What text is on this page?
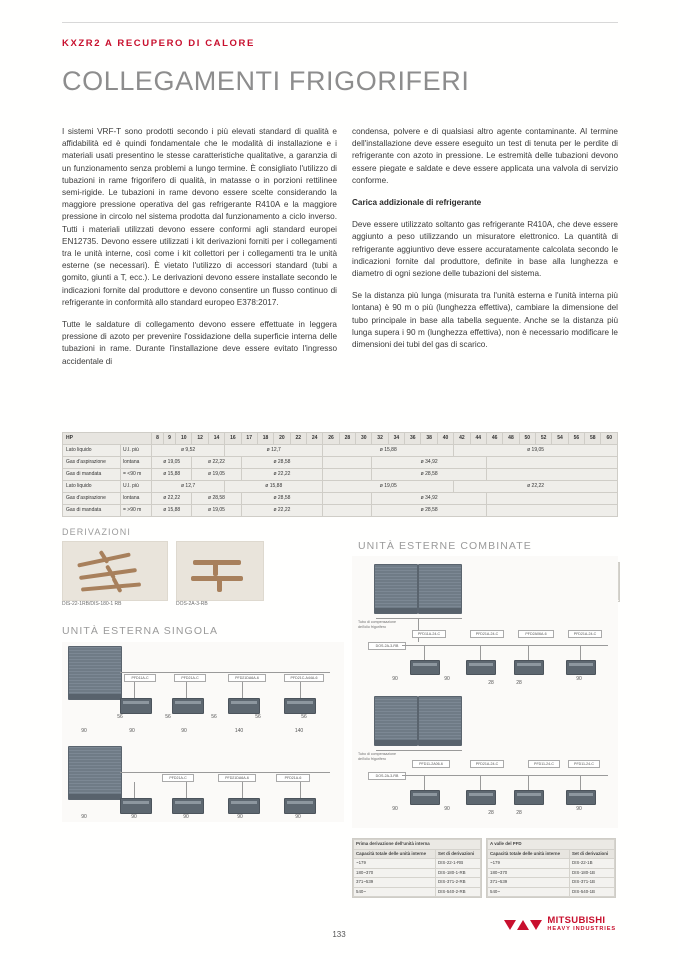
KXZR2 A RECUPERO DI CALORE
COLLEGAMENTI FRIGORIFERI

I sistemi VRF-T sono prodotti secondo i più elevati standard di qualità e affidabilità ed è quindi fondamentale che le modalità di installazione e i materiali usati presentino le stesse caratteristiche qualitative, a garanzia di un funzionamento senza problemi a lungo termine. È consigliato l'utilizzo di tubazioni in rame frigorifero di qualità, in matasse o in porzioni rettilinee semi-rigide. Le tubazioni in rame devono essere scelte considerando la maggiore pressione operativa del gas refrigerante R410A e la maggiore pressione in circolo nel sistema prodotta dal funzionamento a ciclo inverso. Tutti i materiali utilizzati devono essere conformi agli standard europei EN12735. Devono essere utilizzati i kit derivazioni forniti per i collegamenti tra le unità interne, così come i kit collettori per i collegamenti tra le unità esterne (se necessari). È vietato l'utilizzo di accessori standard (tubi a gomito, giunti a T, ecc.). Le derivazioni devono essere installate secondo le indicazioni fornite dal produttore e devono consentire un flusso continuo di refrigerante in conformità allo standard europeo E378:2017.

Tutte le saldature di collegamento devono essere effettuate in leggera pressione di azoto per prevenire l'ossidazione della superficie interna delle tubazioni in rame. Durante l'installazione deve essere evitato l'ingresso accidentale di

condensa, polvere e di qualsiasi altro agente contaminante. Al termine dell'installazione deve essere eseguito un test di tenuta per le perdite di refrigerante con azoto in pressione. Le estremità delle tubazioni devono essere piegate e saldate e deve essere applicata una valvola di servizio conforme.

Carica addizionale di refrigerante

Deve essere utilizzato soltanto gas refrigerante R410A, che deve essere aggiunto a peso utilizzando un misuratore elettronico. La quantità di refrigerante aggiuntivo deve essere accuratamente calcolata secondo le indicazioni fornite dal produttore, definite in base alla lunghezza e diametro di ogni sezione delle tubazioni del sistema.

Se la distanza più lunga (misurata tra l'unità esterna e l'unità interna più lontana) è 90 m o più (lunghezza effettiva), cambiare la dimensione del tubo principale in base alla tabella seguente. Anche se la distanza più lunga supera i 90 m (lunghezza effettiva), non è necessario modificare le dimensioni dei tubi del gas di scarico.

HP		8	9	10	12	14	16	17	18	20	22	24	26	28	30	32	34	36	38	40	42	44	46	48	50	52	54	56	58	60
Lato liquido	U.I. più	ø 9,52					ø 12,7						ø 15,88								ø 19,05									
Gas d'aspirazione	lontana	ø 19,05			ø 22,22			ø 28,58								ø 34,92														
Gas di mandata	= <90 m	ø 15,88			ø 19,05			ø 22,22								ø 28,58														
Lato liquido	U.I. più	ø 12,7					ø 15,88						ø 19,05								ø 22,22									
Gas d'aspirazione	lontana	ø 22,22			ø 28,58			ø 28,58								ø 34,92														
Gas di mandata	= >90 m	ø 15,88			ø 19,05			ø 22,22								ø 28,58														
DERIVAZIONI
DIS-22-1RB/DIS-180-1 RB	DOS-2A-3-RB
UNITÀ ESTERNA SINGOLA
PFD11A-C	PFD21A-C	PFD21DA6A-6	PFD21C-A44A-6
56	56	56	56	56
90	90	90	140	140
PFD21A-C	PFD21DA6A-6	PFD21A-6
90	90	90	90	90
UNITÀ ESTERNE COMBINATE

Tubo di compensazione dell'olio frigorifero
DOS-2A-3-RB
PFD11A-24-C	PFD21A-24-C	PFD2A06A-6	PFD21A-24-C
90	90
28	28
90
Tubo di compensazione dell'olio frigorifero
DOS-2A-3-RB
PFD11-2A06-6	PFD21A-24-C	PFD11-24-C	PFD11-24-C
90	90
28	28
90
Prima derivazione dell'unità interna	
Capacità totale delle unità interne	Set di derivazioni
~179	DIS-22-1-RB
180~370	DIS-180-1-RB
371~539	DIS-371-2-RB
540~	DIS-540-2-RB
A valle del PFD	
Capacità totale delle unità interne	Set di derivazioni
~179	DIS-22-1B
180~370	DIS-180-1B
371~539	DIS-371-1B
540~	DIS-540-1B
133
MITSUBISHI
HEAVY INDUSTRIES
